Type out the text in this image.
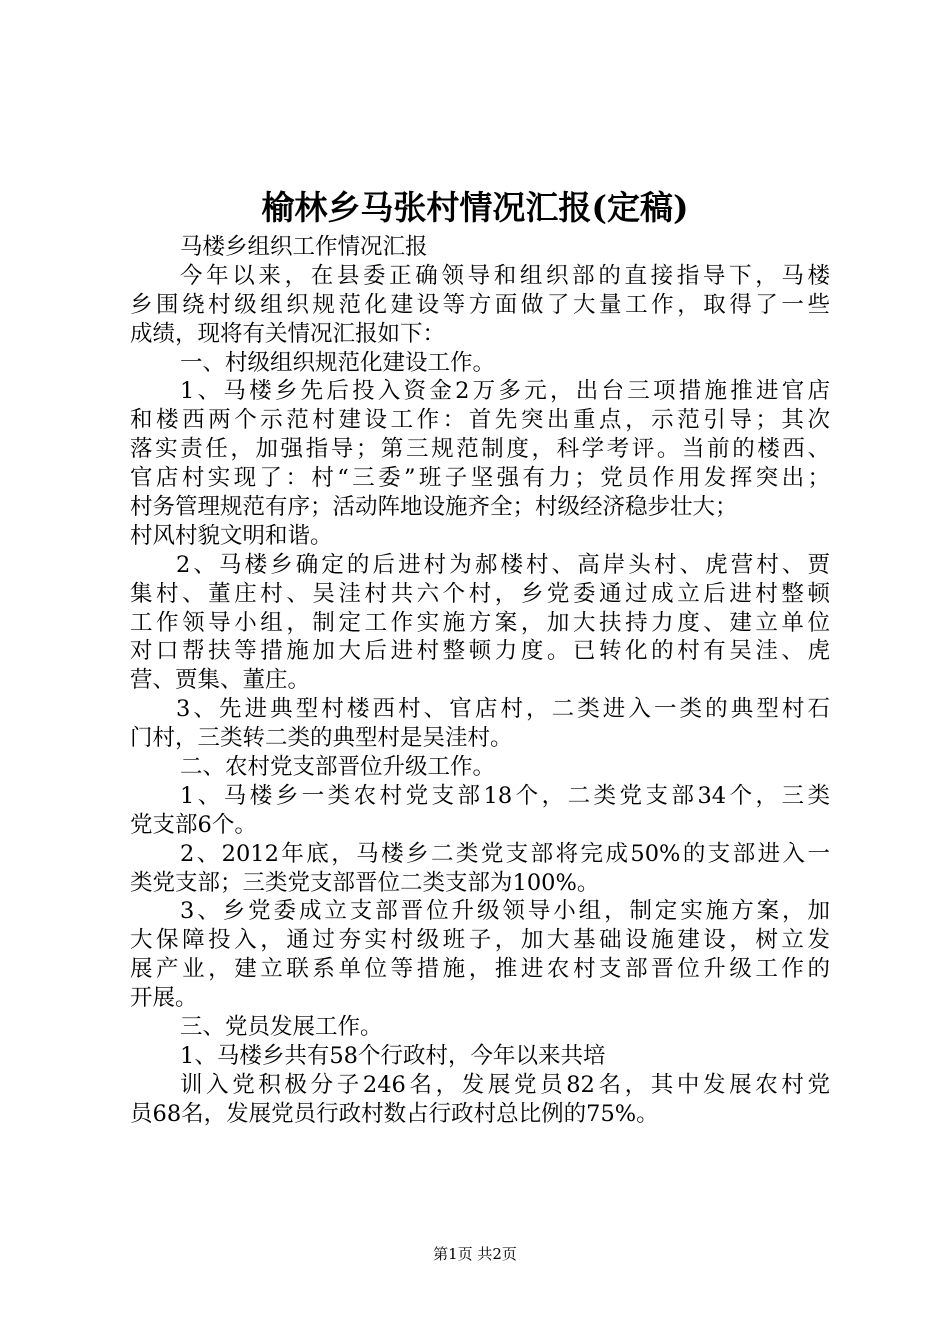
榆林乡马张村情况汇报(定稿)
马楼乡组织工作情况汇报
今年以来，在县委正确领导和组织部的直接指导下，马楼
乡围绕村级组织规范化建设等方面做了大量工作，取得了一些
成绩，现将有关情况汇报如下：
一、村级组织规范化建设工作。
1、马楼乡先后投入资金2万多元，出台三项措施推进官店
和楼西两个示范村建设工作：首先突出重点，示范引导；其次
落实责任，加强指导；第三规范制度，科学考评。当前的楼西、
官店村实现了：村“三委”班子坚强有力；党员作用发挥突出；
村务管理规范有序；活动阵地设施齐全；村级经济稳步壮大；
村风村貌文明和谐。
2、马楼乡确定的后进村为郝楼村、高岸头村、虎营村、贾
集村、董庄村、吴洼村共六个村，乡党委通过成立后进村整顿
工作领导小组，制定工作实施方案，加大扶持力度、建立单位
对口帮扶等措施加大后进村整顿力度。已转化的村有吴洼、虎
营、贾集、董庄。
3、先进典型村楼西村、官店村，二类进入一类的典型村石
门村，三类转二类的典型村是吴洼村。
二、农村党支部晋位升级工作。
1、马楼乡一类农村党支部18个，二类党支部34个，三类
党支部6个。
2、2012年底，马楼乡二类党支部将完成50%的支部进入一
类党支部；三类党支部晋位二类支部为100%。
3、乡党委成立支部晋位升级领导小组，制定实施方案，加
大保障投入，通过夯实村级班子，加大基础设施建设，树立发
展产业，建立联系单位等措施，推进农村支部晋位升级工作的
开展。
三、党员发展工作。
1、马楼乡共有58个行政村，今年以来共培
训入党积极分子246名，发展党员82名，其中发展农村党
员68名，发展党员行政村数占行政村总比例的75%。
第1页 共2页
